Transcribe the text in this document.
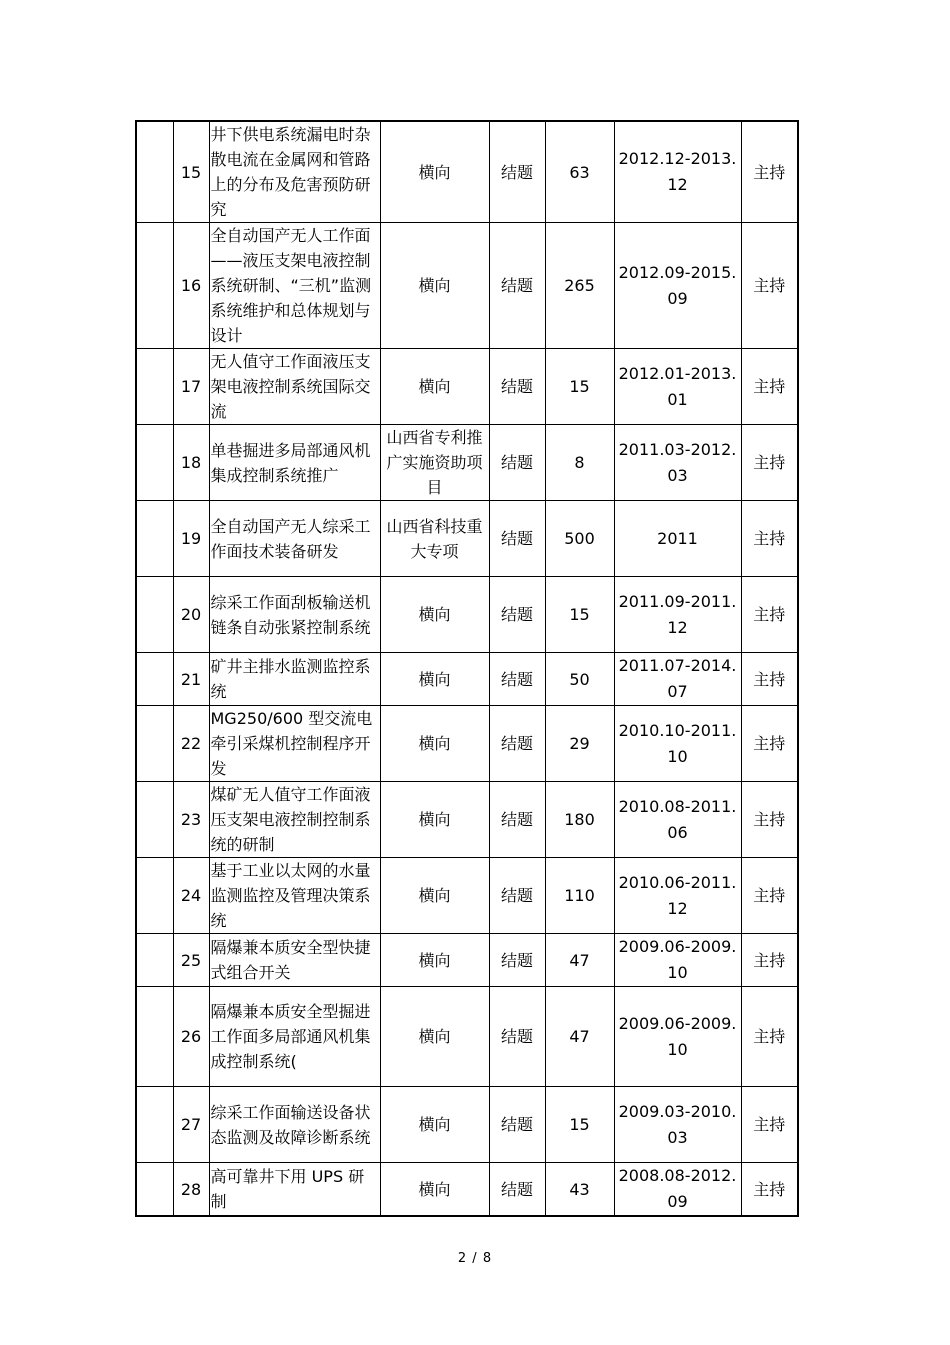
	15	井下供电系统漏电时杂散电流在金属网和管路上的分布及危害预防研究	横向	结题	63	2012.12-2013.12	主持
	16	全自动国产无人工作面——液压支架电液控制系统研制、“三机”监测系统维护和总体规划与设计	横向	结题	265	2012.09-2015.09	主持
	17	无人值守工作面液压支架电液控制系统国际交流	横向	结题	15	2012.01-2013.01	主持
	18	单巷掘进多局部通风机集成控制系统推广	山西省专利推广实施资助项目	结题	8	2011.03-2012.03	主持
	19	全自动国产无人综采工作面技术装备研发	山西省科技重大专项	结题	500	2011	主持
	20	综采工作面刮板输送机链条自动张紧控制系统	横向	结题	15	2011.09-2011.12	主持
	21	矿井主排水监测监控系统	横向	结题	50	2011.07-2014.07	主持
	22	MG250/600 型交流电牵引采煤机控制程序开发	横向	结题	29	2010.10-2011.10	主持
	23	煤矿无人值守工作面液压支架电液控制控制系统的研制	横向	结题	180	2010.08-2011.06	主持
	24	基于工业以太网的水量监测监控及管理决策系统	横向	结题	110	2010.06-2011.12	主持
	25	隔爆兼本质安全型快捷式组合开关	横向	结题	47	2009.06-2009.10	主持
	26	隔爆兼本质安全型掘进工作面多局部通风机集成控制系统(	横向	结题	47	2009.06-2009.10	主持
	27	综采工作面输送设备状态监测及故障诊断系统	横向	结题	15	2009.03-2010.03	主持
	28	高可靠井下用 UPS 研制	横向	结题	43	2008.08-2012.09	主持
2 / 8
